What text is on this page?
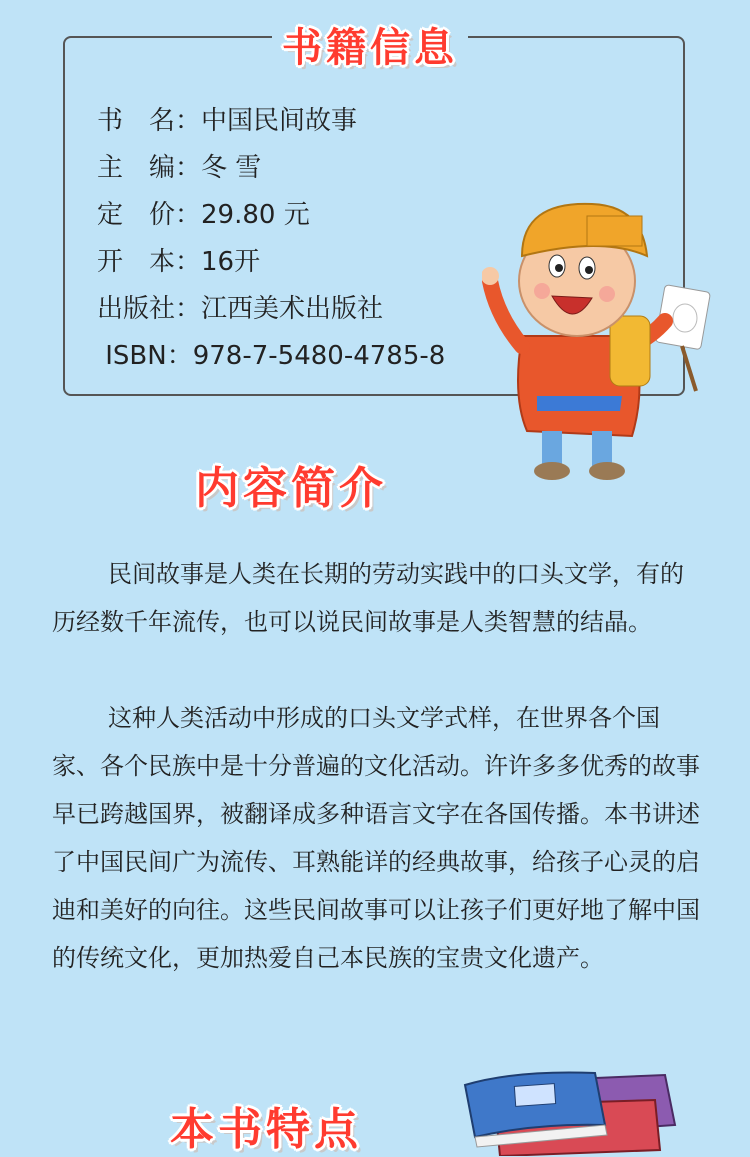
书籍信息
书　名：中国民间故事
主　编：冬 雪
定　价：29.80 元
开　本：16开
出版社：江西美术出版社
ISBN：978-7-5480-4785-8
内容简介

民间故事是人类在长期的劳动实践中的口头文学，有的历经数千年流传，也可以说民间故事是人类智慧的结晶。

这种人类活动中形成的口头文学式样，在世界各个国家、各个民族中是十分普遍的文化活动。许许多多优秀的故事早已跨越国界，被翻译成多种语言文字在各国传播。本书讲述了中国民间广为流传、耳熟能详的经典故事，给孩子心灵的启迪和美好的向往。这些民间故事可以让孩子们更好地了解中国的传统文化，更加热爱自己本民族的宝贵文化遗产。

本书特点
